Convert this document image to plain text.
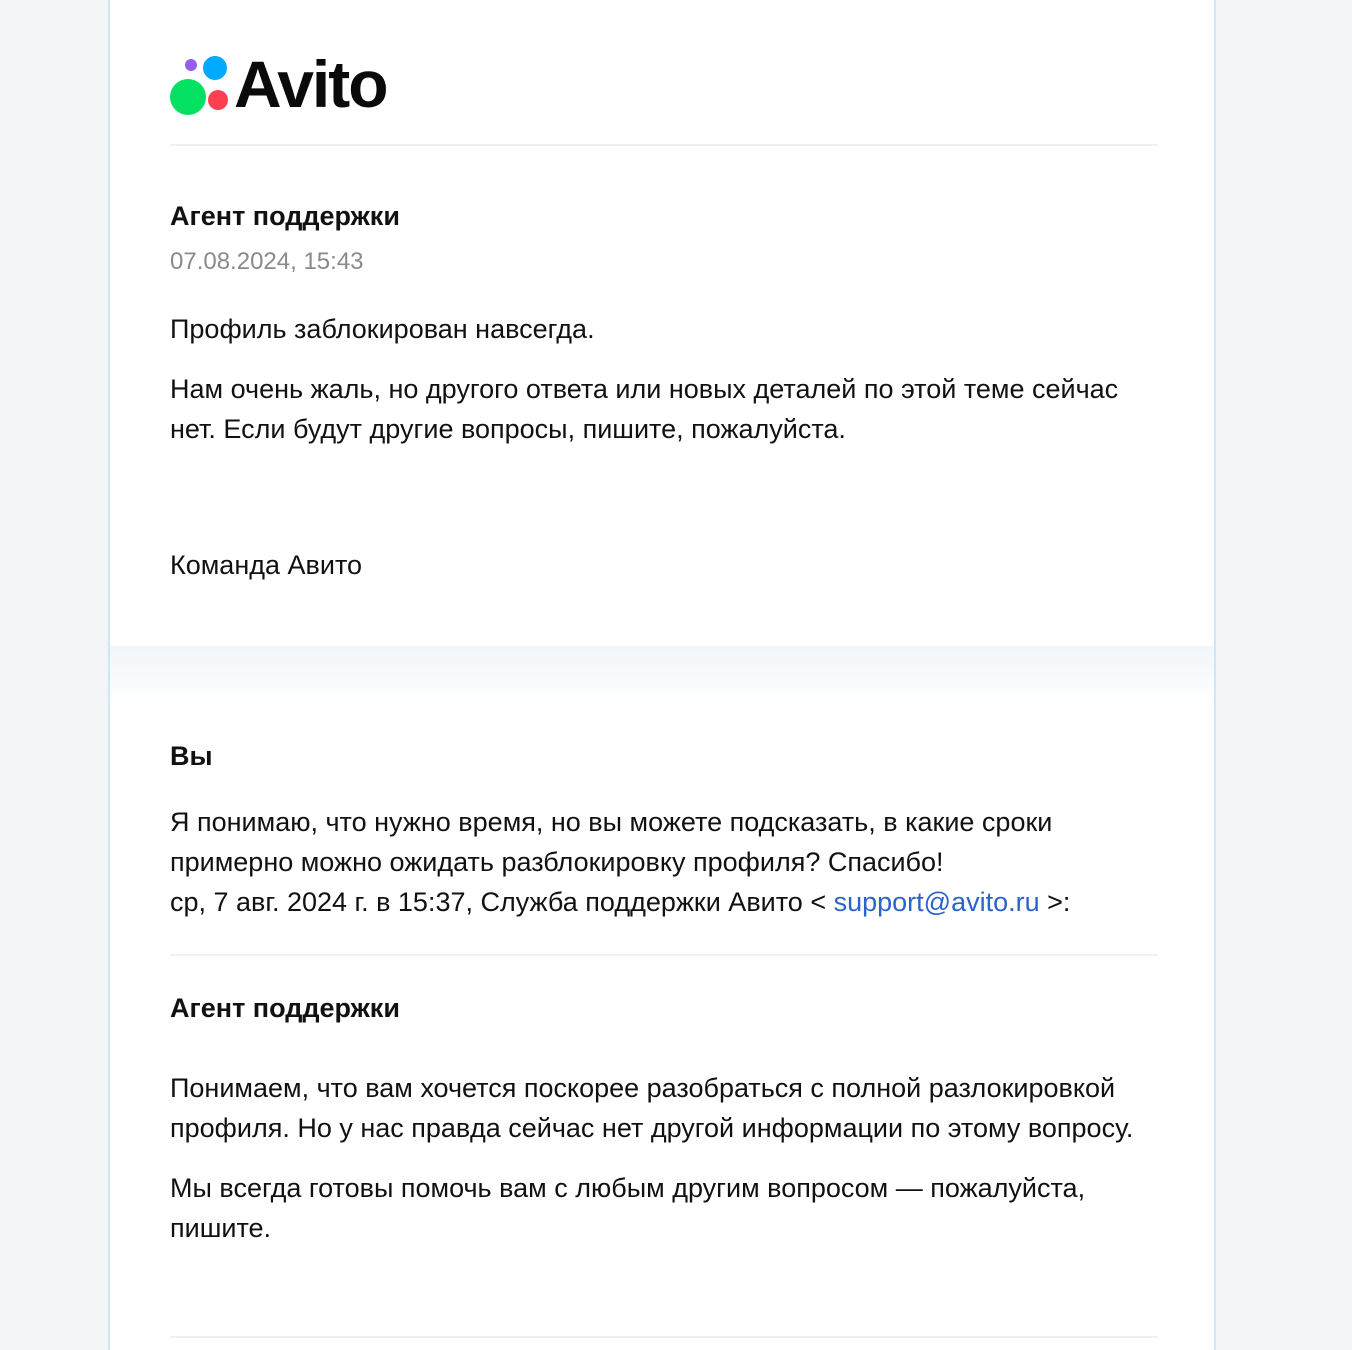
Avito

Агент поддержки

07.08.2024, 15:43

Профиль заблокирован навсегда.

Нам очень жаль, но другого ответа или новых деталей по этой теме сейчас нет. Если будут другие вопросы, пишите, пожалуйста.

Команда Авито

Вы

Я понимаю, что нужно время, но вы можете подсказать, в какие сроки примерно можно ожидать разблокировку профиля? Спасибо!

ср, 7 авг. 2024 г. в 15:37, Служба поддержки Авито < support@avito.ru >:

Агент поддержки

Понимаем, что вам хочется поскорее разобраться с полной разлокировкой профиля. Но у нас правда сейчас нет другой информации по этому вопросу.

Мы всегда готовы помочь вам с любым другим вопросом — пожалуйста, пишите.
